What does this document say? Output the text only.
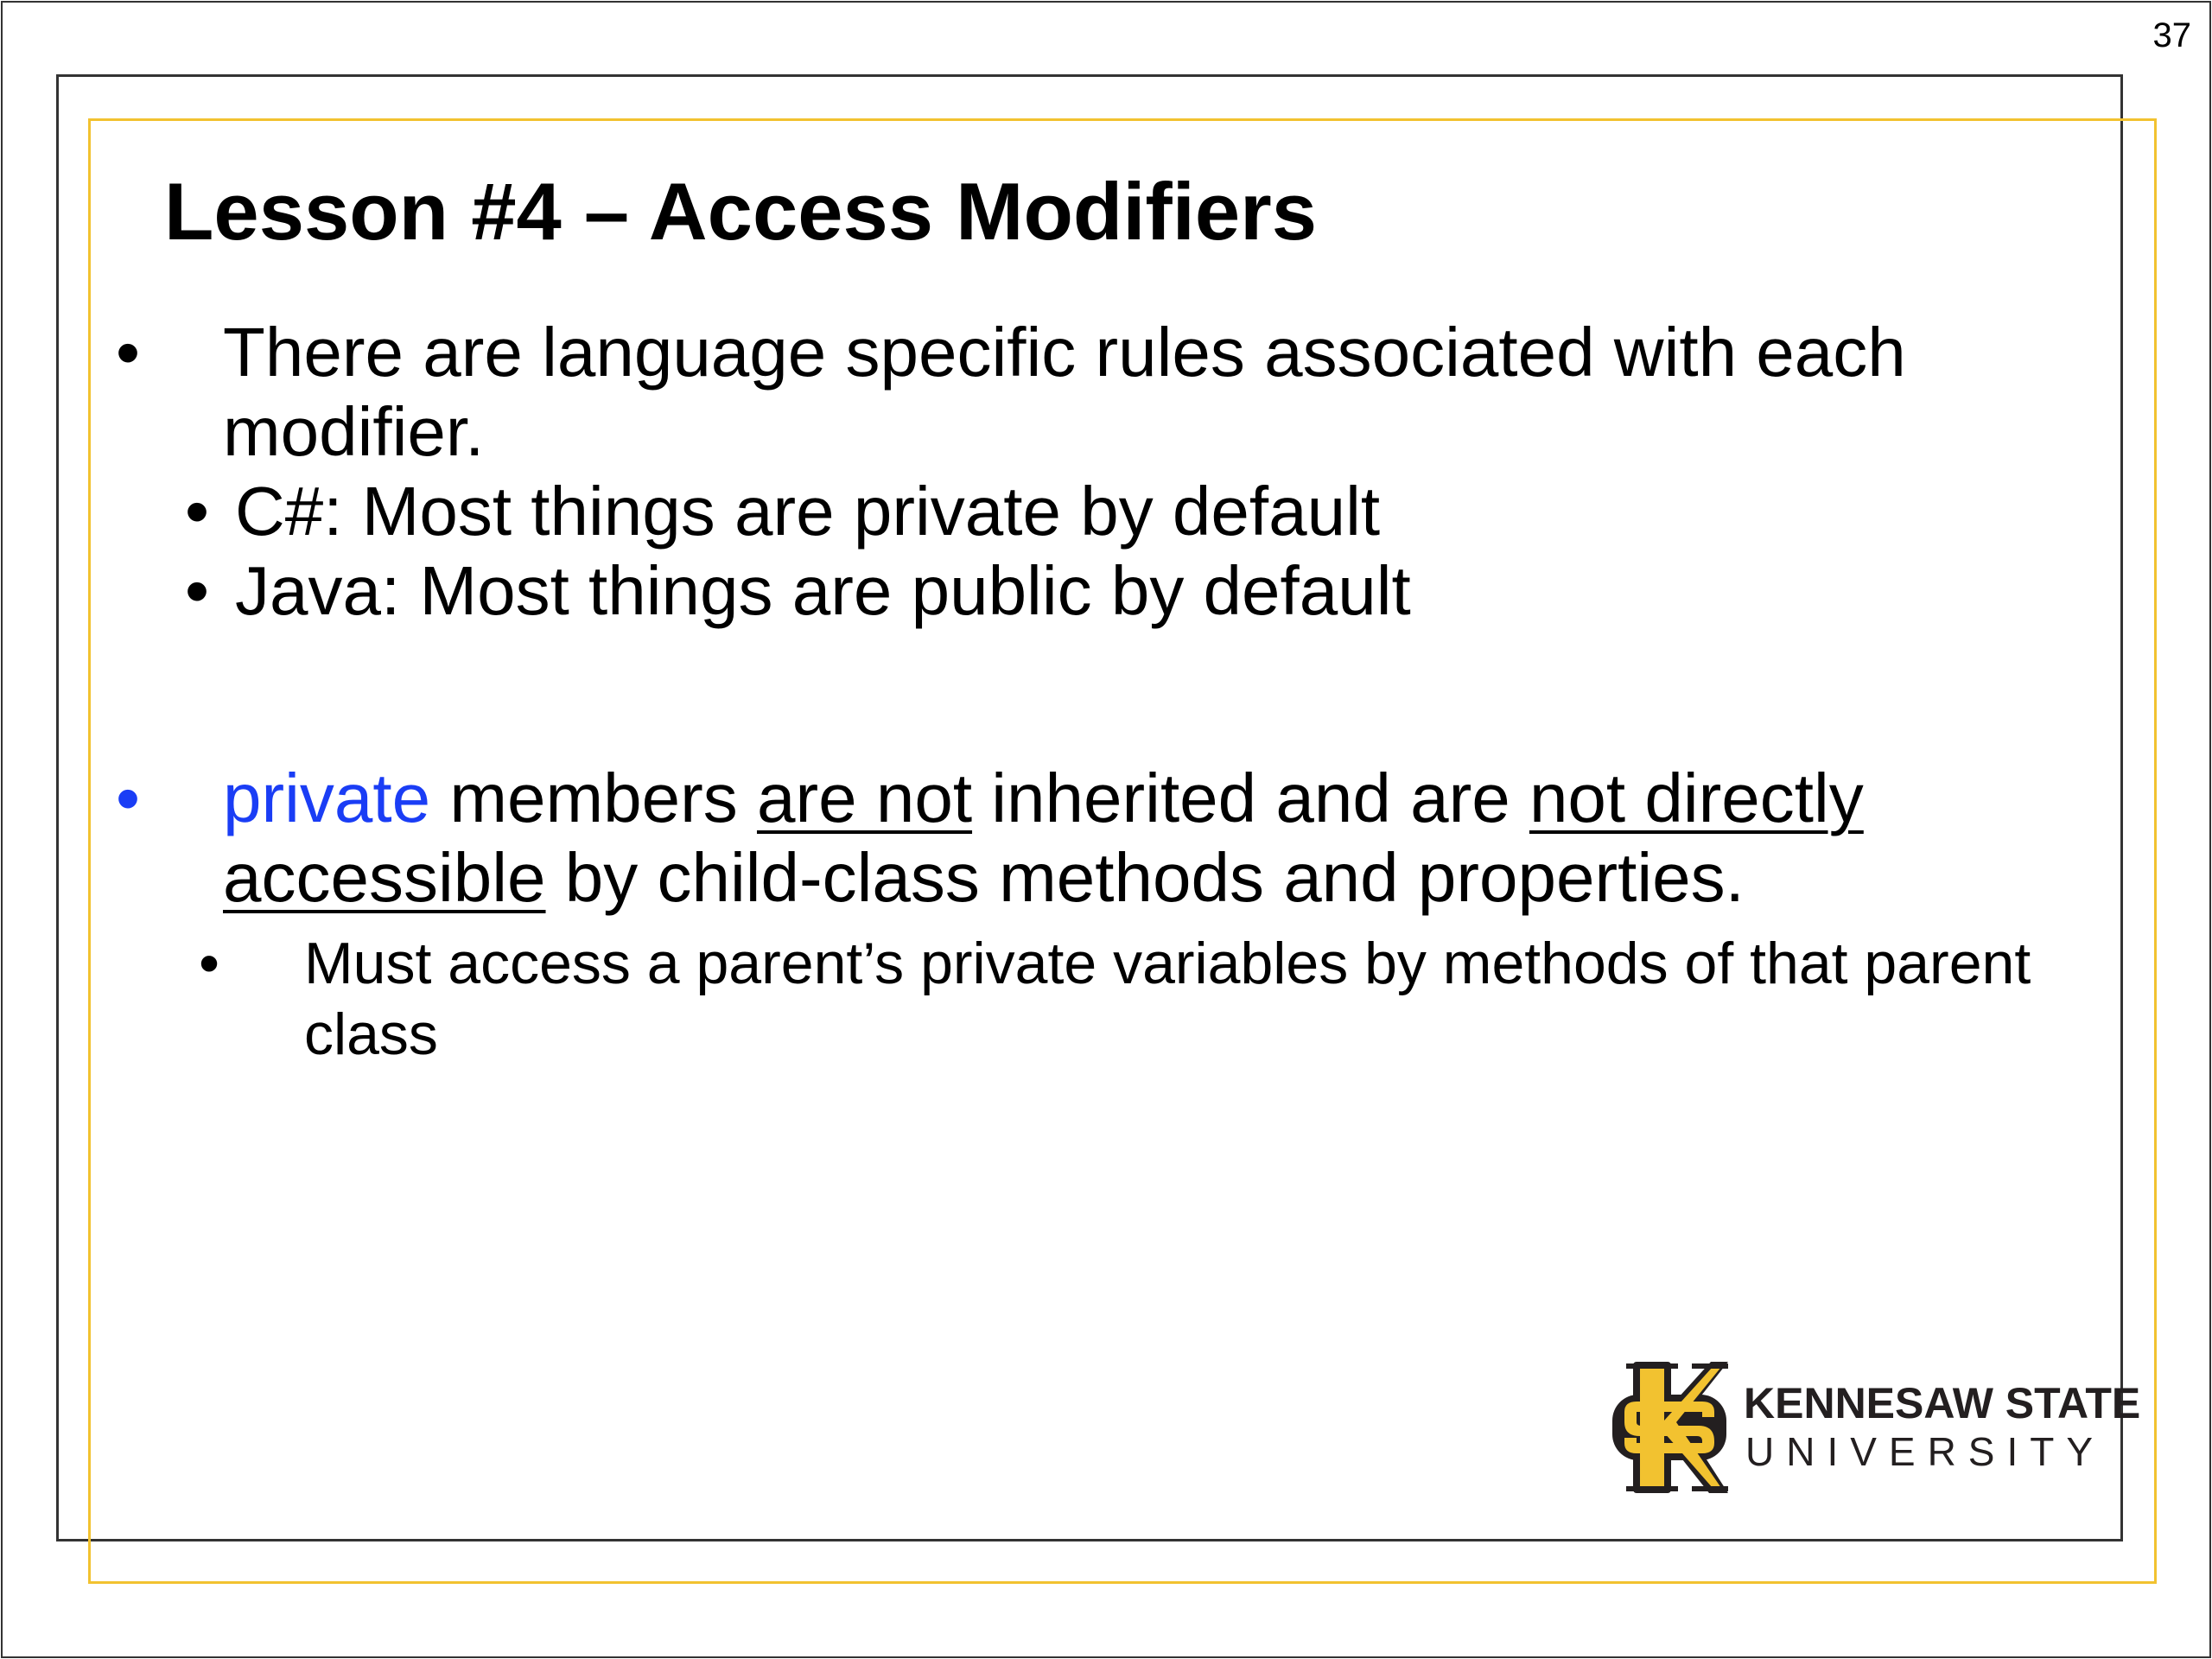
37
Lesson #4 – Access Modifiers
• There are language specific rules associated with each modifier.
• C#: Most things are private by default
• Java: Most things are public by default
• private members are not inherited and are not directly accessible by child-class methods and properties.
• Must access a parent’s private variables by methods of that parent class
KENNESAW STATE
UNIVERSITY
